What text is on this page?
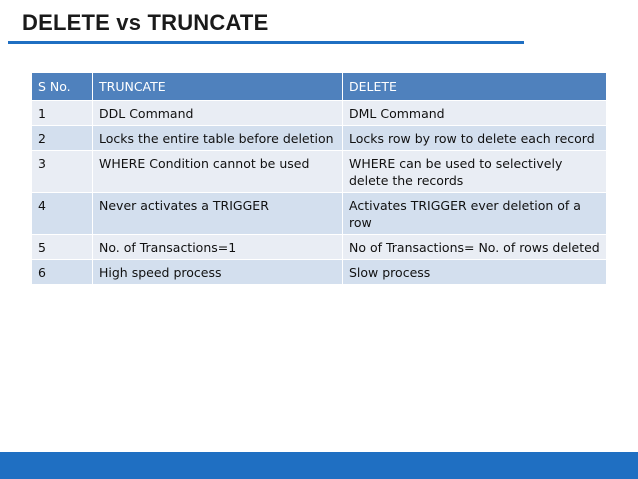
DELETE vs TRUNCATE
S No.	TRUNCATE	DELETE
1	DDL Command	DML Command
2	Locks the entire table before deletion	Locks row by row to delete each record
3	WHERE Condition cannot be used	WHERE can be used to selectively delete the records
4	Never activates a TRIGGER	Activates TRIGGER ever deletion of a row
5	No. of Transactions=1	No of Transactions= No. of rows deleted
6	High speed process	Slow process
